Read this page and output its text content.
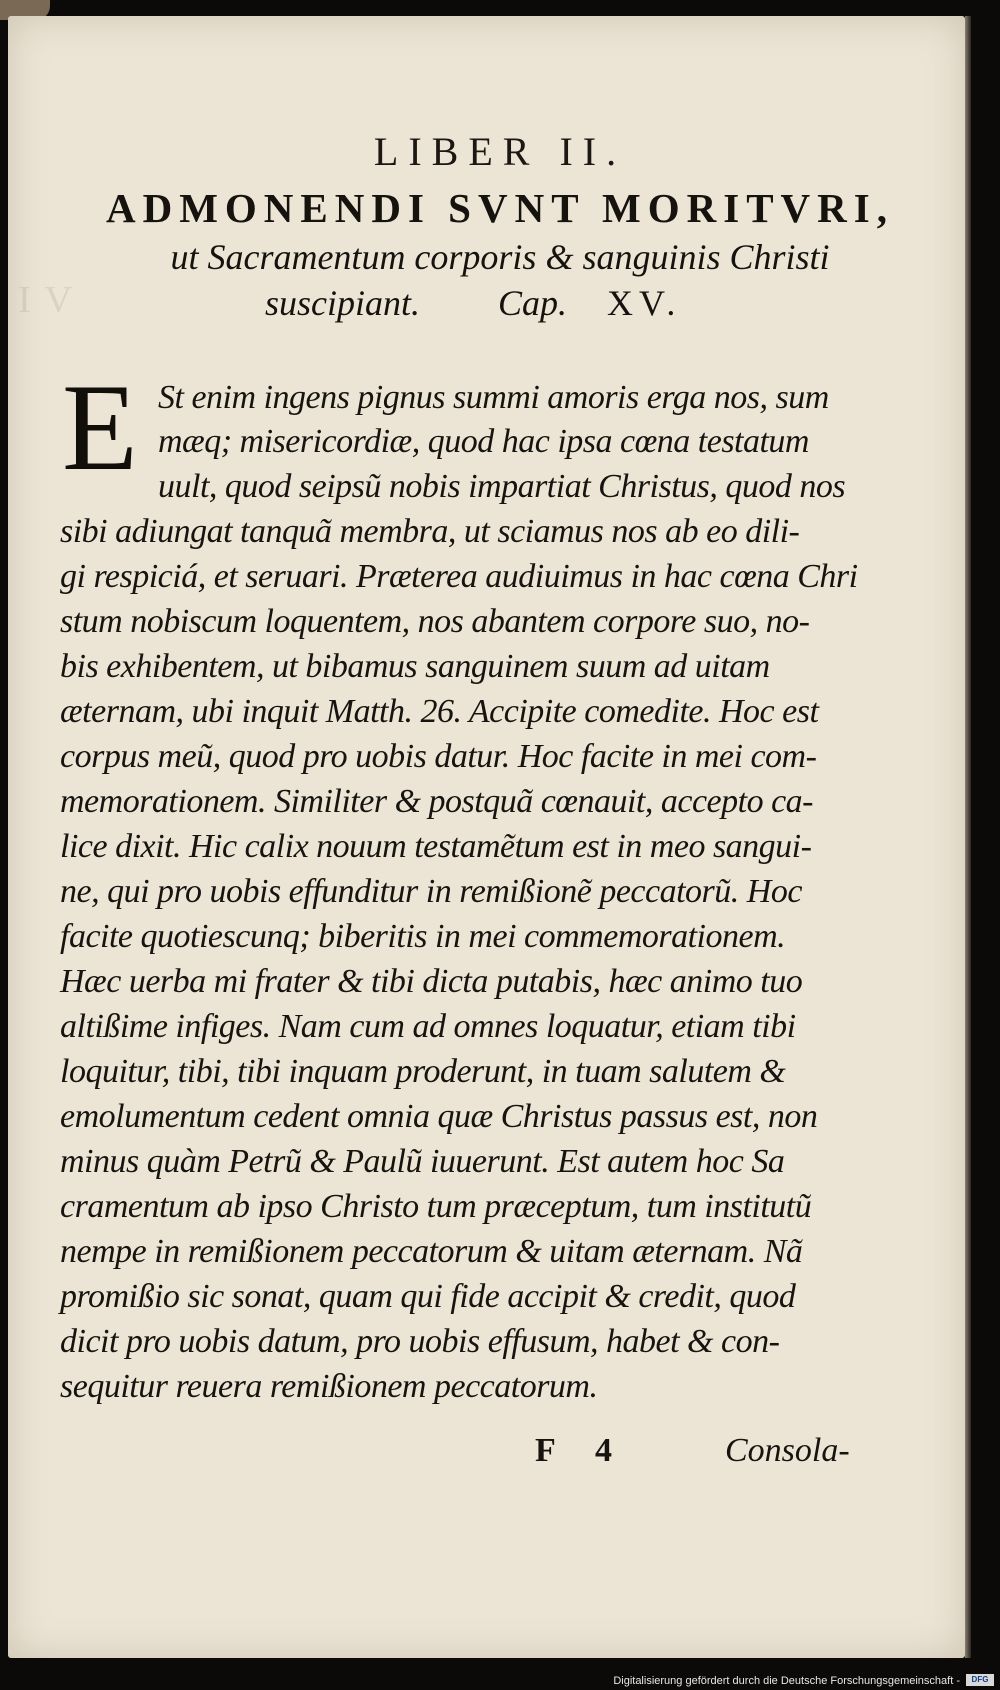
LIBER II.
IV
ADMONENDI SVNT MORITVRI,
ut Sacramentum corporis & sanguinis Christi
suscipiant. Cap. XV.
E St enim ingens pignus summi amoris erga nos, sum
mæq; misericordiæ, quod hac ipsa cœna testatum
uult, quod seipsũ nobis impartiat Christus, quod nos
sibi adiungat tanquã membra, ut sciamus nos ab eo dili-
gi respiciá, et seruari. Præterea audiuimus in hac cœna Chri
stum nobiscum loquentem, nos abantem corpore suo, no-
bis exhibentem, ut bibamus sanguinem suum ad uitam
æternam, ubi inquit Matth. 26. Accipite comedite. Hoc est
corpus meũ, quod pro uobis datur. Hoc facite in mei com-
memorationem. Similiter & postquã cœnauit, accepto ca-
lice dixit. Hic calix nouum testamẽtum est in meo sangui-
ne, qui pro uobis effunditur in remißionẽ peccatorũ. Hoc
facite quotiescunq; biberitis in mei commemorationem.
Hæc uerba mi frater & tibi dicta putabis, hæc animo tuo
altißime infiges. Nam cum ad omnes loquatur, etiam tibi
loquitur, tibi, tibi inquam proderunt, in tuam salutem &
emolumentum cedent omnia quæ Christus passus est, non
minus quàm Petrũ & Paulũ iuuerunt. Est autem hoc Sa
cramentum ab ipso Christo tum præceptum, tum institutũ
nempe in remißionem peccatorum & uitam æternam. Nã
promißio sic sonat, quam qui fide accipit & credit, quod
dicit pro uobis datum, pro uobis effusum, habet & con-
sequitur reuera remißionem peccatorum.
F 4	Consola-
Digitalisierung gefördert durch die Deutsche Forschungsgemeinschaft -	DFG
